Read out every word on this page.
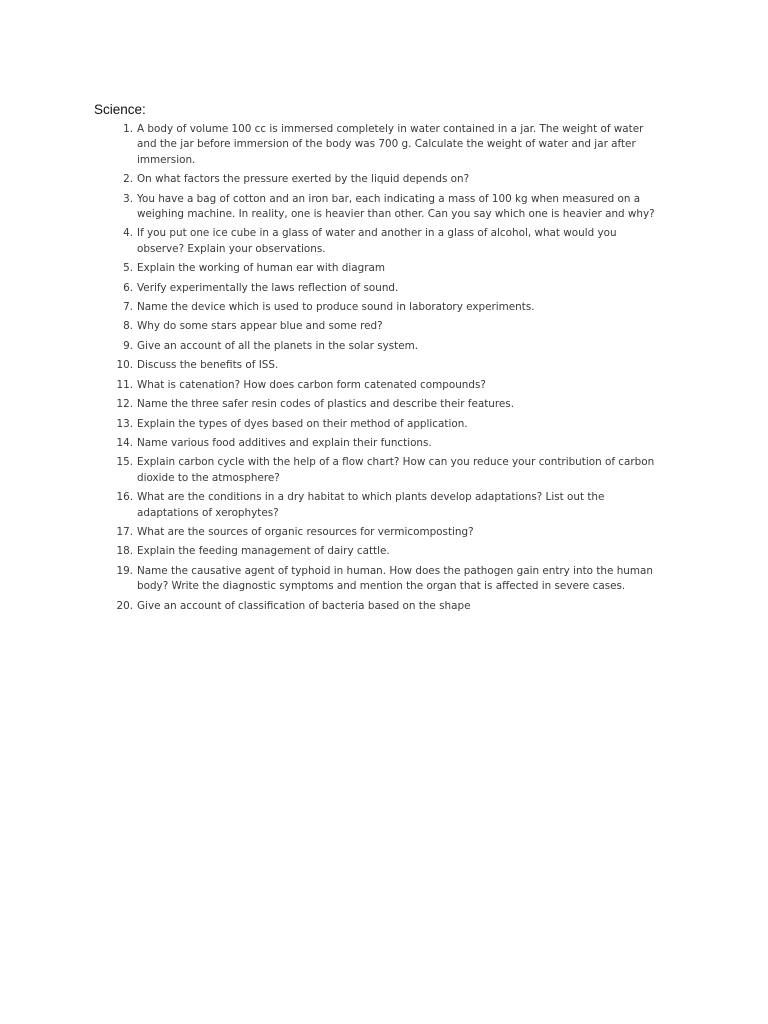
Science:
1. A body of volume 100 cc is immersed completely in water contained in a jar. The weight of water and the jar before immersion of the body was 700 g. Calculate the weight of water and jar after immersion.
2. On what factors the pressure exerted by the liquid depends on?
3. You have a bag of cotton and an iron bar, each indicating a mass of 100 kg when measured on a weighing machine. In reality, one is heavier than other. Can you say which one is heavier and why?
4. If you put one ice cube in a glass of water and another in a glass of alcohol, what would you observe? Explain your observations.
5. Explain the working of human ear with diagram
6. Verify experimentally the laws reflection of sound.
7. Name the device which is used to produce sound in laboratory experiments.
8. Why do some stars appear blue and some red?
9. Give an account of all the planets in the solar system.
10. Discuss the benefits of ISS.
11. What is catenation? How does carbon form catenated compounds?
12. Name the three safer resin codes of plastics and describe their features.
13. Explain the types of dyes based on their method of application.
14. Name various food additives and explain their functions.
15. Explain carbon cycle with the help of a flow chart? How can you reduce your contribution of carbon dioxide to the atmosphere?
16. What are the conditions in a dry habitat to which plants develop adaptations? List out the adaptations of xerophytes?
17. What are the sources of organic resources for vermicomposting?
18. Explain the feeding management of dairy cattle.
19. Name the causative agent of typhoid in human. How does the pathogen gain entry into the human body? Write the diagnostic symptoms and mention the organ that is affected in severe cases.
20. Give an account of classification of bacteria based on the shape
